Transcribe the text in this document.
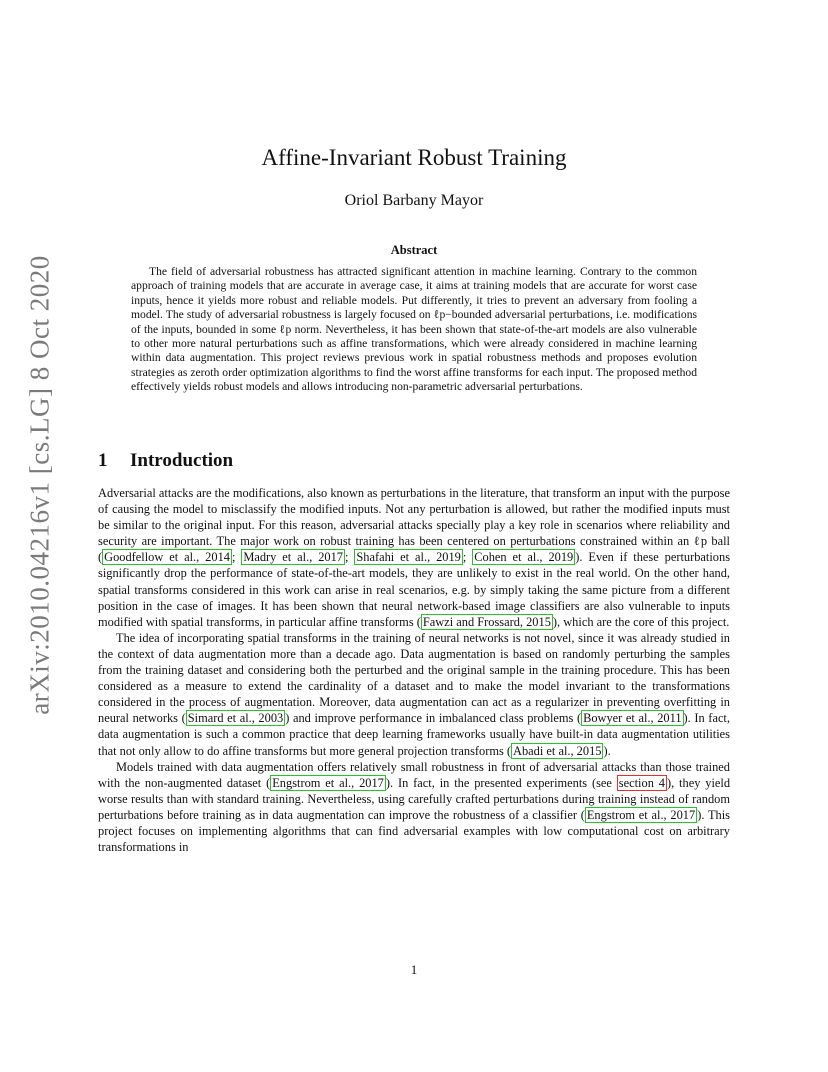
arXiv:2010.04216v1 [cs.LG] 8 Oct 2020
Affine-Invariant Robust Training
Oriol Barbany Mayor
Abstract

The field of adversarial robustness has attracted significant attention in machine learning. Contrary to the common approach of training models that are accurate in average case, it aims at training models that are accurate for worst case inputs, hence it yields more robust and reliable models. Put differently, it tries to prevent an adversary from fooling a model. The study of adversarial robustness is largely focused on ℓp−bounded adversarial perturbations, i.e. modifications of the inputs, bounded in some ℓp norm. Nevertheless, it has been shown that state-of-the-art models are also vulnerable to other more natural perturbations such as affine transformations, which were already considered in machine learning within data augmentation. This project reviews previous work in spatial robustness methods and proposes evolution strategies as zeroth order optimization algorithms to find the worst affine transforms for each input. The proposed method effectively yields robust models and allows introducing non-parametric adversarial perturbations.

1 Introduction

Adversarial attacks are the modifications, also known as perturbations in the literature, that transform an input with the purpose of causing the model to misclassify the modified inputs. Not any perturbation is allowed, but rather the modified inputs must be similar to the original input. For this reason, adversarial attacks specially play a key role in scenarios where reliability and security are important. The major work on robust training has been centered on perturbations constrained within an ℓp ball ( Goodfellow et al., 2014 ; Madry et al., 2017 ; Shafahi et al., 2019 ; Cohen et al., 2019 ). Even if these perturbations significantly drop the performance of state-of-the-art models, they are unlikely to exist in the real world. On the other hand, spatial transforms considered in this work can arise in real scenarios, e.g. by simply taking the same picture from a different position in the case of images. It has been shown that neural network-based image classifiers are also vulnerable to inputs modified with spatial transforms, in particular affine transforms ( Fawzi and Frossard, 2015 ), which are the core of this project.

The idea of incorporating spatial transforms in the training of neural networks is not novel, since it was already studied in the context of data augmentation more than a decade ago. Data augmentation is based on randomly perturbing the samples from the training dataset and considering both the perturbed and the original sample in the training procedure. This has been considered as a measure to extend the cardinality of a dataset and to make the model invariant to the transformations considered in the process of augmentation. Moreover, data augmentation can act as a regularizer in preventing overfitting in neural networks ( Simard et al., 2003 ) and improve performance in imbalanced class problems ( Bowyer et al., 2011 ). In fact, data augmentation is such a common practice that deep learning frameworks usually have built-in data augmentation utilities that not only allow to do affine transforms but more general projection transforms ( Abadi et al., 2015 ).

Models trained with data augmentation offers relatively small robustness in front of adversarial attacks than those trained with the non-augmented dataset ( Engstrom et al., 2017 ). In fact, in the presented experiments (see section 4 ), they yield worse results than with standard training. Nevertheless, using carefully crafted perturbations during training instead of random perturbations before training as in data augmentation can improve the robustness of a classifier ( Engstrom et al., 2017 ). This project focuses on implementing algorithms that can find adversarial examples with low computational cost on arbitrary transformations in

1
